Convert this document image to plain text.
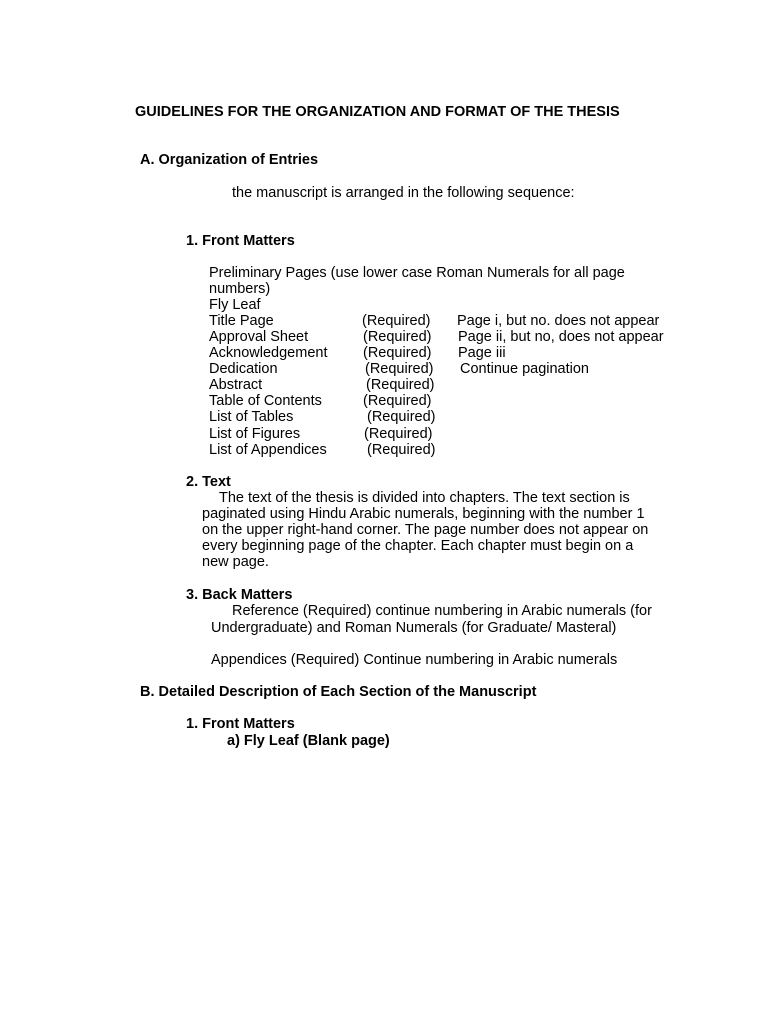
GUIDELINES FOR THE ORGANIZATION AND FORMAT OF THE THESIS
A. Organization of Entries
the manuscript is arranged in the following sequence:
1. Front Matters
Preliminary Pages (use lower case Roman Numerals for all page
numbers)
Fly Leaf
Title Page	(Required) Page i, but no. does not appear
Approval Sheet	(Required) Page ii, but no, does not appear
Acknowledgement (Required) Page iii
Dedication	(Required) Continue pagination
Abstract	(Required)
Table of Contents	(Required)
List of Tables	(Required)
List of Figures	(Required)
List of Appendices	(Required)
2. Text
The text of the thesis is divided into chapters. The text section is
paginated using Hindu Arabic numerals, beginning with the number 1
on the upper right-hand corner. The page number does not appear on
every beginning page of the chapter. Each chapter must begin on a
new page.
3. Back Matters
Reference (Required) continue numbering in Arabic numerals (for
Undergraduate) and Roman Numerals (for Graduate/ Masteral)
Appendices (Required) Continue numbering in Arabic numerals
B. Detailed Description of Each Section of the Manuscript
1. Front Matters
a) Fly Leaf (Blank page)
